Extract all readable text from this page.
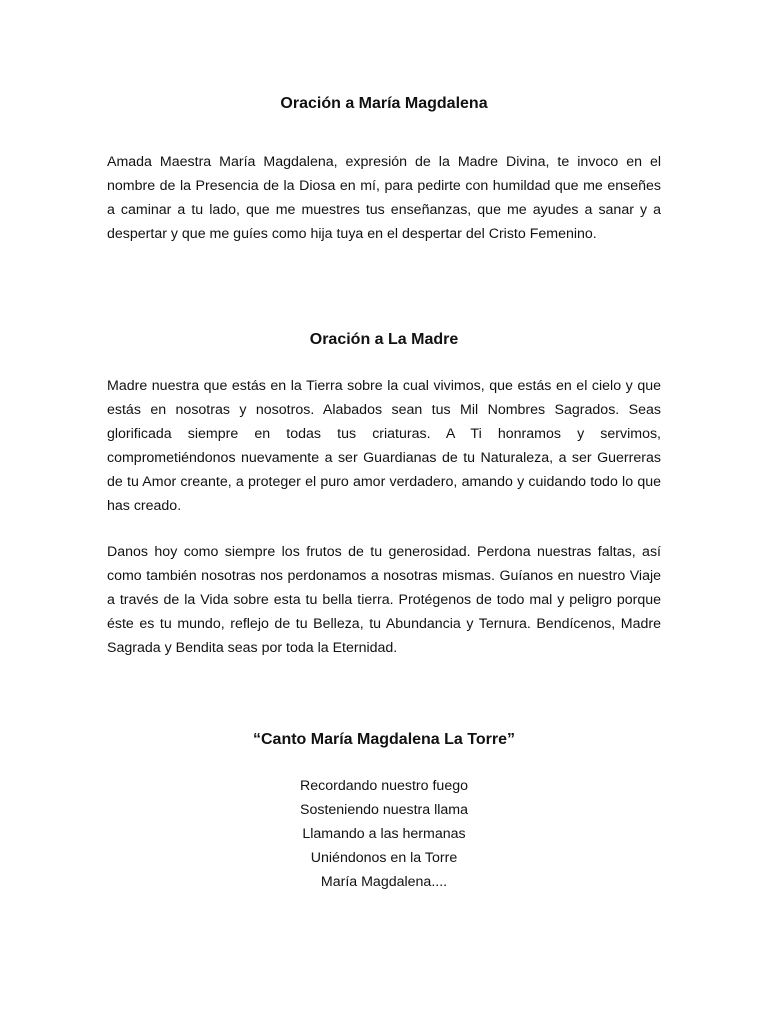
Oración a María Magdalena

Amada Maestra María Magdalena, expresión de la Madre Divina, te invoco en el nombre de la Presencia de la Diosa en mí, para pedirte con humildad que me enseñes a caminar a tu lado, que me muestres tus enseñanzas, que me ayudes a sanar y a despertar y que me guíes como hija tuya en el despertar del Cristo Femenino.

Oración a La Madre

Madre nuestra que estás en la Tierra sobre la cual vivimos, que estás en el cielo y que estás en nosotras y nosotros. Alabados sean tus Mil Nombres Sagrados. Seas glorificada siempre en todas tus criaturas. A Ti honramos y servimos, comprometiéndonos nuevamente a ser Guardianas de tu Naturaleza, a ser Guerreras de tu Amor creante, a proteger el puro amor verdadero, amando y cuidando todo lo que has creado.

Danos hoy como siempre los frutos de tu generosidad. Perdona nuestras faltas, así como también nosotras nos perdonamos a nosotras mismas. Guíanos en nuestro Viaje a través de la Vida sobre esta tu bella tierra. Protégenos de todo mal y peligro porque éste es tu mundo, reflejo de tu Belleza, tu Abundancia y Ternura. Bendícenos, Madre Sagrada y Bendita seas por toda la Eternidad.

“Canto María Magdalena La Torre”

Recordando nuestro fuego
Sosteniendo nuestra llama
Llamando a las hermanas
Uniéndonos en la Torre
María Magdalena....
